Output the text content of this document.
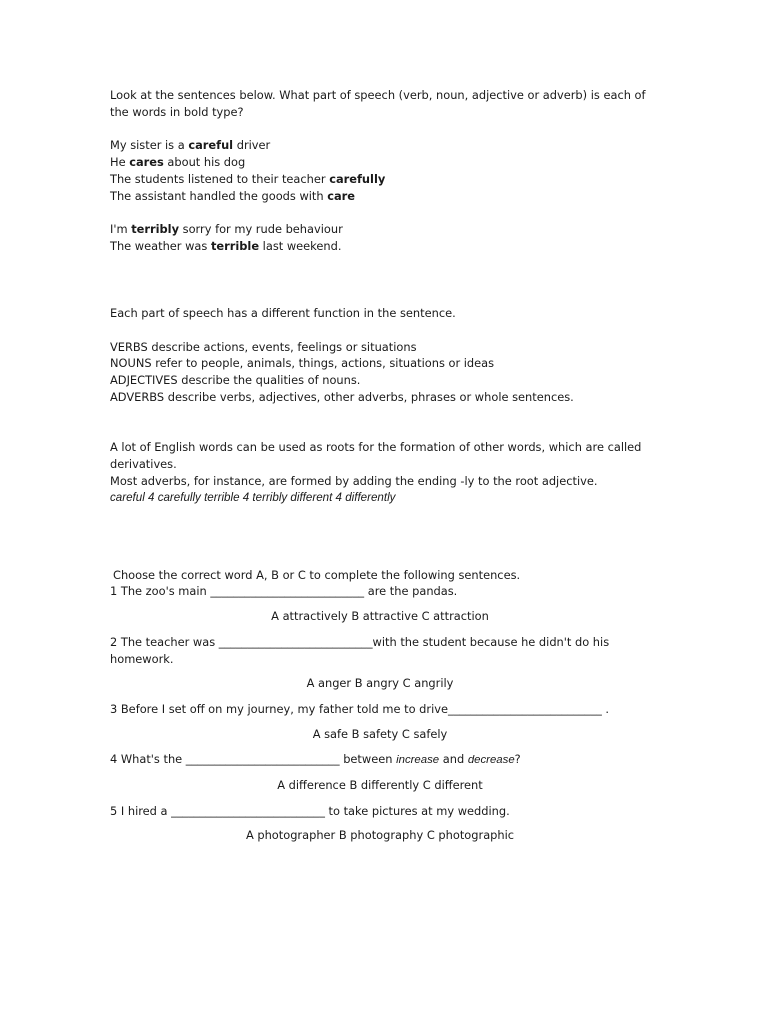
Look at the sentences below. What part of speech (verb, noun, adjective or adverb) is each of the words in bold type?

My sister is a careful driver

He cares about his dog

The students listened to their teacher carefully

The assistant handled the goods with care

I'm terribly sorry for my rude behaviour

The weather was terrible last weekend.

Each part of speech has a different function in the sentence.

VERBS describe actions, events, feelings or situations

NOUNS refer to people, animals, things, actions, situations or ideas

ADJECTIVES describe the qualities of nouns.

ADVERBS describe verbs, adjectives, other adverbs, phrases or whole sentences.

A lot of English words can be used as roots for the formation of other words, which are called derivatives.

Most adverbs, for instance, are formed by adding the ending -ly to the root adjective.

careful 4 carefully terrible 4 terribly different 4 differently

Choose the correct word A, B or C to complete the following sentences.

1 The zoo's main ___________________________ are the pandas.

A attractively B attractive C attraction

2 The teacher was ___________________________with the student because he didn't do his homework.

A anger B angry C angrily

3 Before I set off on my journey, my father told me to drive___________________________ .

A safe B safety C safely

4 What's the ___________________________ between increase and decrease?

A difference B differently C different

5 I hired a ___________________________ to take pictures at my wedding.

A photographer B photography C photographic
